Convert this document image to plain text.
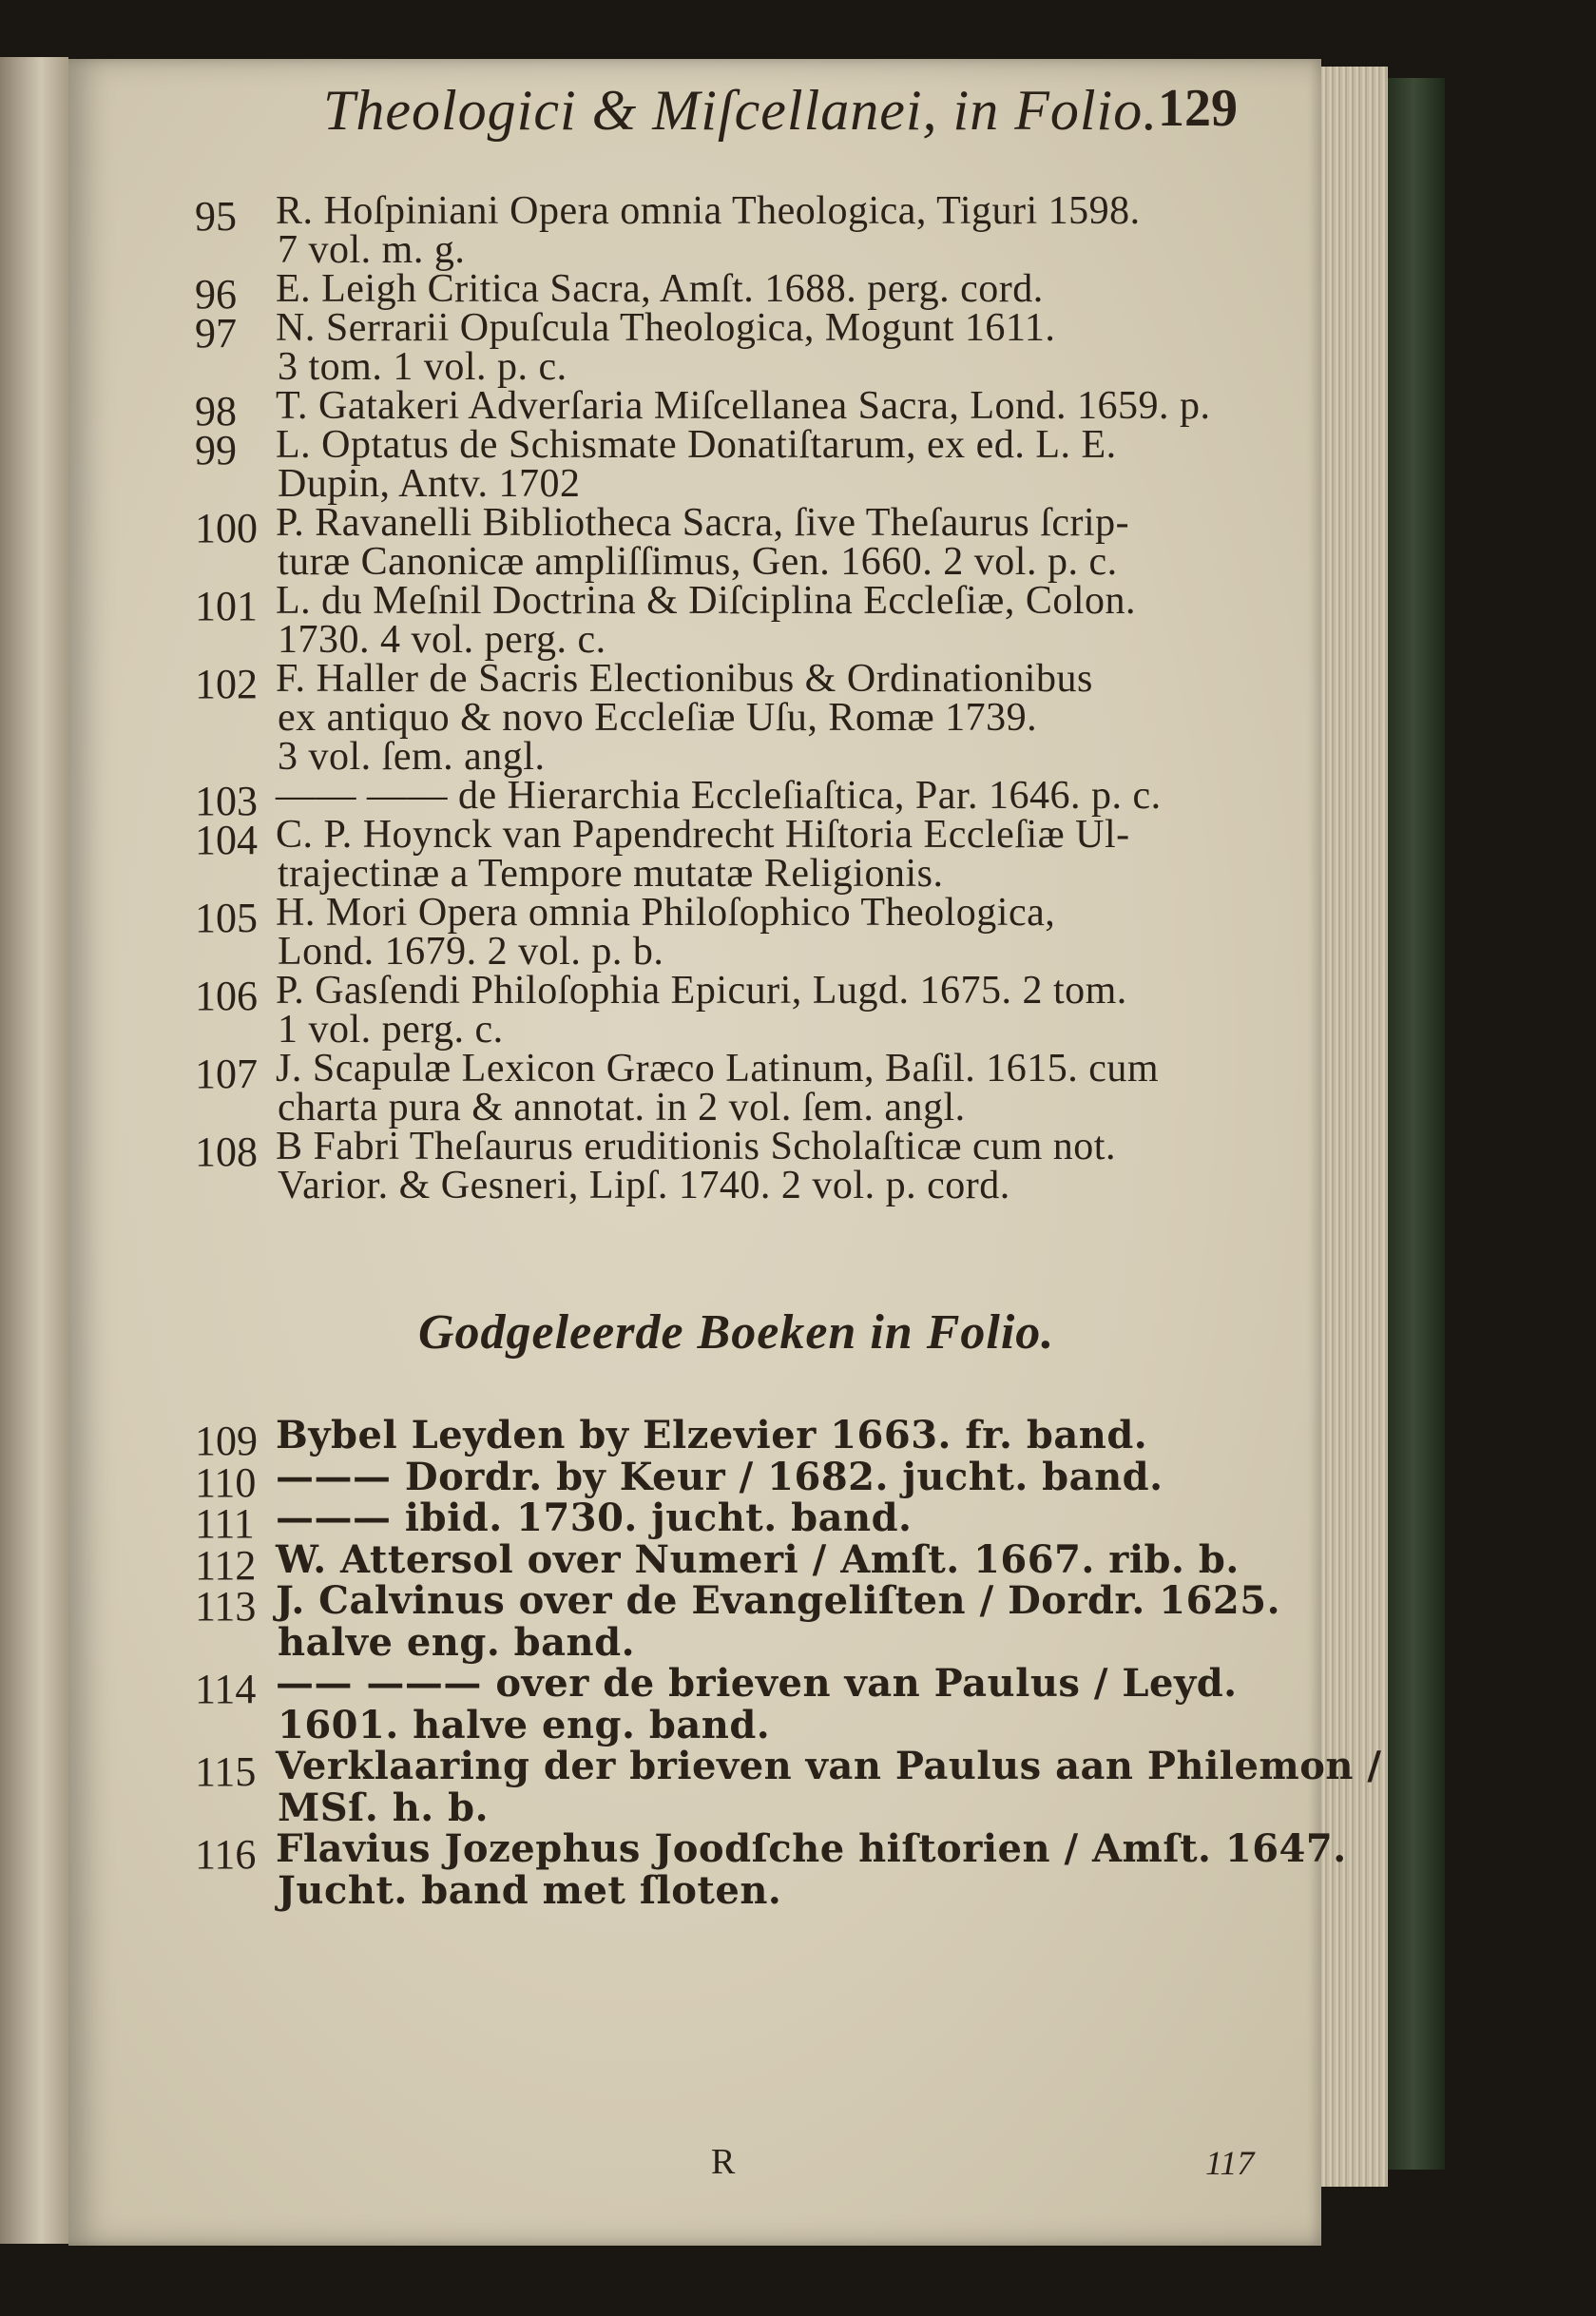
Theologici & Miſcellanei, in Folio. 129
95 R. Hoſpiniani Opera omnia Theologica, Tiguri 1598.
7 vol. m. g.
96 E. Leigh Critica Sacra, Amſt. 1688. perg. cord.
97 N. Serrarii Opuſcula Theologica, Mogunt 1611.
3 tom. 1 vol. p. c.
98 T. Gatakeri Adverſaria Miſcellanea Sacra, Lond. 1659. p.
99 L. Optatus de Schismate Donatiſtarum, ex ed. L. E.
Dupin, Antv. 1702
100 P. Ravanelli Bibliotheca Sacra, ſive Theſaurus ſcrip-
turæ Canonicæ ampliſſimus, Gen. 1660. 2 vol. p. c.
101 L. du Meſnil Doctrina & Diſciplina Eccleſiæ, Colon.
1730. 4 vol. perg. c.
102 F. Haller de Sacris Electionibus & Ordinationibus
ex antiquo & novo Eccleſiæ Uſu, Romæ 1739.
3 vol. ſem. angl.
103 —— —— de Hierarchia Eccleſiaſtica, Par. 1646. p. c.
104 C. P. Hoynck van Papendrecht Hiſtoria Eccleſiæ Ul-
trajectinæ a Tempore mutatæ Religionis.
105 H. Mori Opera omnia Philoſophico Theologica,
Lond. 1679. 2 vol. p. b.
106 P. Gasſendi Philoſophia Epicuri, Lugd. 1675. 2 tom.
1 vol. perg. c.
107 J. Scapulæ Lexicon Græco Latinum, Baſil. 1615. cum
charta pura & annotat. in 2 vol. ſem. angl.
108 B Fabri Theſaurus eruditionis Scholaſticæ cum not.
Varior. & Gesneri, Lipſ. 1740. 2 vol. p. cord.
Godgeleerde Boeken in Folio.
109 Bybel Leyden by Elzevier 1663. fr. band.
110 ——— Dordr. by Keur / 1682. jucht. band.
111 ——— ibid. 1730. jucht. band.
112 W. Attersol over Numeri / Amſt. 1667. rib. b.
113 J. Calvinus over de Evangeliſten / Dordr. 1625.
halve eng. band.
114 —— ——— over de brieven van Paulus / Leyd.
1601. halve eng. band.
115 Verklaaring der brieven van Paulus aan Philemon /
MSſ. h. b.
116 Flavius Jozephus Joodſche hiſtorien / Amſt. 1647.
Jucht. band met ſloten.
R	117
